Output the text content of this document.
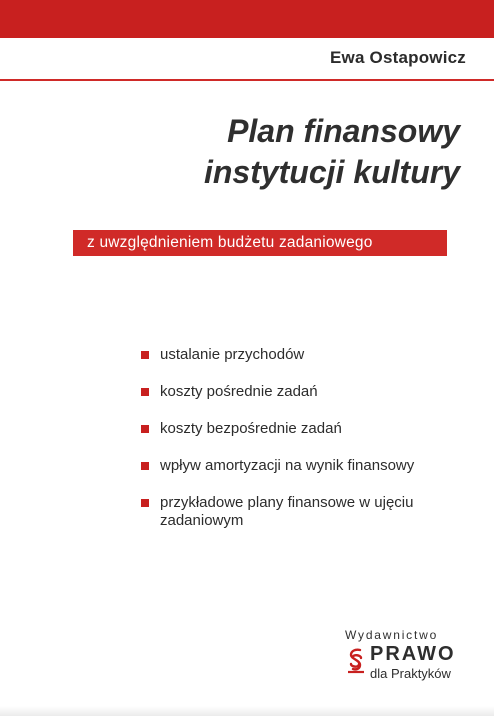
Ewa Ostapowicz
Plan finansowy
instytucji kultury
z uwzględnieniem budżetu zadaniowego
ustalanie przychodów
koszty pośrednie zadań
koszty bezpośrednie zadań
wpływ amortyzacji na wynik finansowy
przykładowe plany finansowe w ujęciu zadaniowym
Wydawnictwo
PRAWO
dla Praktyków
